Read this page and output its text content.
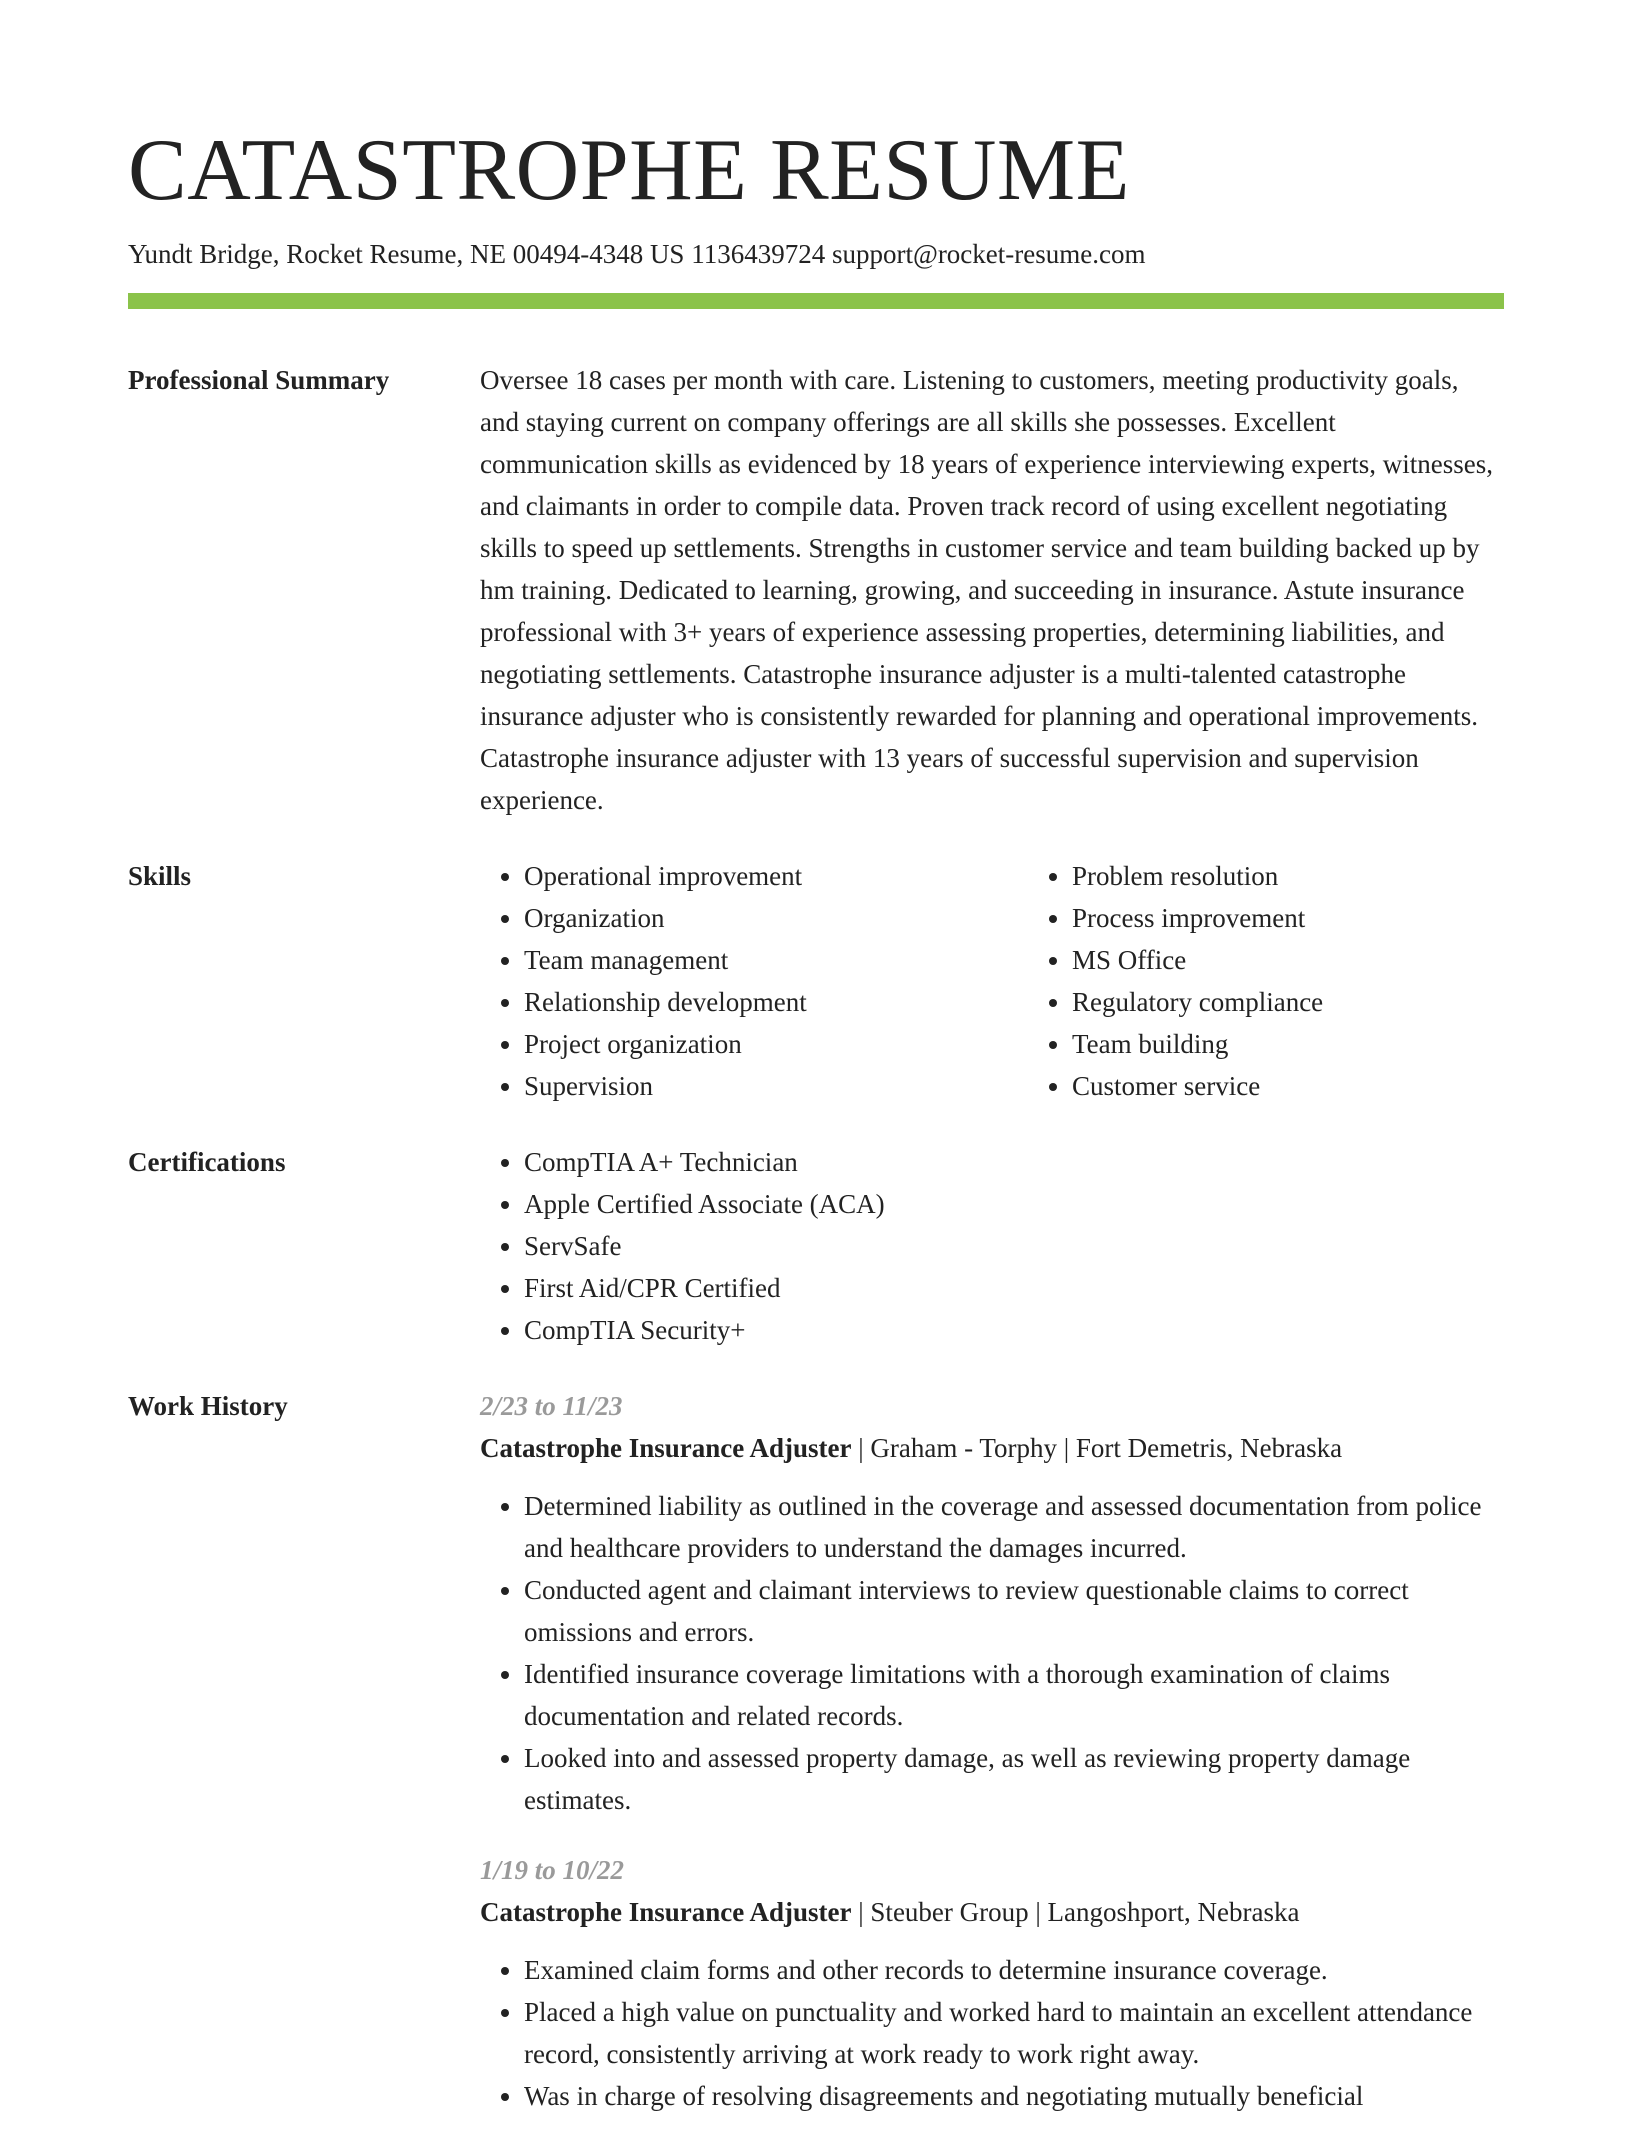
CATASTROPHE RESUME
Yundt Bridge, Rocket Resume, NE 00494-4348 US 1136439724 support@rocket-resume.com
Professional Summary	Oversee 18 cases per month with care. Listening to customers, meeting productivity goals, and staying current on company offerings are all skills she possesses. Excellent communication skills as evidenced by 18 years of experience interviewing experts, witnesses, and claimants in order to compile data. Proven track record of using excellent negotiating skills to speed up settlements. Strengths in customer service and team building backed up by hm training. Dedicated to learning, growing, and succeeding in insurance. Astute insurance professional with 3+ years of experience assessing properties, determining liabilities, and negotiating settlements. Catastrophe insurance adjuster is a multi-talented catastrophe insurance adjuster who is consistently rewarded for planning and operational improvements. Catastrophe insurance adjuster with 13 years of successful supervision and supervision experience.

Skills	• Operational improvement
• Organization
• Team management
• Relationship development
• Project organization
• Supervision
• Problem resolution
• Process improvement
• MS Office
• Regulatory compliance
• Team building
• Customer service
Certifications	• CompTIA A+ Technician
• Apple Certified Associate (ACA)
• ServSafe
• First Aid/CPR Certified
• CompTIA Security+
Work History	2/23 to 11/23
Catastrophe Insurance Adjuster | Graham - Torphy | Fort Demetris, Nebraska
• Determined liability as outlined in the coverage and assessed documentation from police and healthcare providers to understand the damages incurred.
• Conducted agent and claimant interviews to review questionable claims to correct omissions and errors.
• Identified insurance coverage limitations with a thorough examination of claims documentation and related records.
• Looked into and assessed property damage, as well as reviewing property damage estimates.
1/19 to 10/22
Catastrophe Insurance Adjuster | Steuber Group | Langoshport, Nebraska
• Examined claim forms and other records to determine insurance coverage.
• Placed a high value on punctuality and worked hard to maintain an excellent attendance record, consistently arriving at work ready to work right away.
• Was in charge of resolving disagreements and negotiating mutually beneficial
